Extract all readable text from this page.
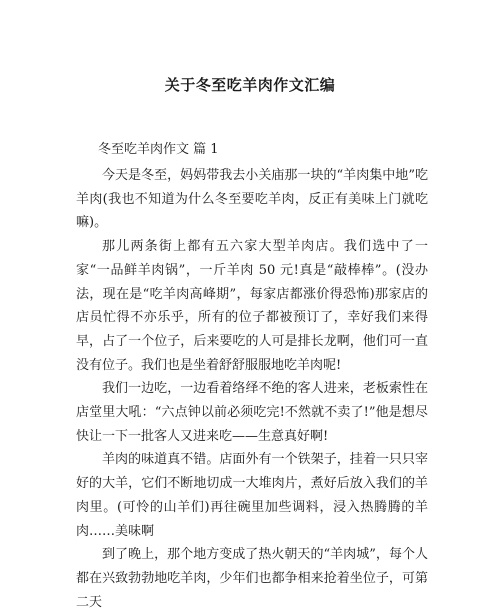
关于冬至吃羊肉作文汇编
冬至吃羊肉作文 篇 1

今天是冬至，妈妈带我去小关庙那一块的“羊肉集中地”吃羊肉(我也不知道为什么冬至要吃羊肉，反正有美味上门就吃嘛)。

那儿两条街上都有五六家大型羊肉店。我们选中了一家“一品鲜羊肉锅”，一斤羊肉 50 元!真是“敲棒棒”。(没办法，现在是“吃羊肉高峰期”，每家店都涨价得恐怖)那家店的店员忙得不亦乐乎，所有的位子都被预订了，幸好我们来得早，占了一个位子，后来要吃的人可是排长龙啊，他们可一直没有位子。我们也是坐着舒舒服服地吃羊肉呢!

我们一边吃，一边看着络绎不绝的客人进来，老板索性在店堂里大吼：“六点钟以前必须吃完!不然就不卖了!”他是想尽快让一下一批客人又进来吃——生意真好啊!

羊肉的味道真不错。店面外有一个铁架子，挂着一只只宰好的大羊，它们不断地切成一大堆肉片，煮好后放入我们的羊肉里。(可怜的山羊们)再往碗里加些调料，浸入热腾腾的羊肉……美味啊

到了晚上，那个地方变成了热火朝天的“羊肉城”，每个人都在兴致勃勃地吃羊肉，少年们也都争相来抢着坐位子，可第二天
